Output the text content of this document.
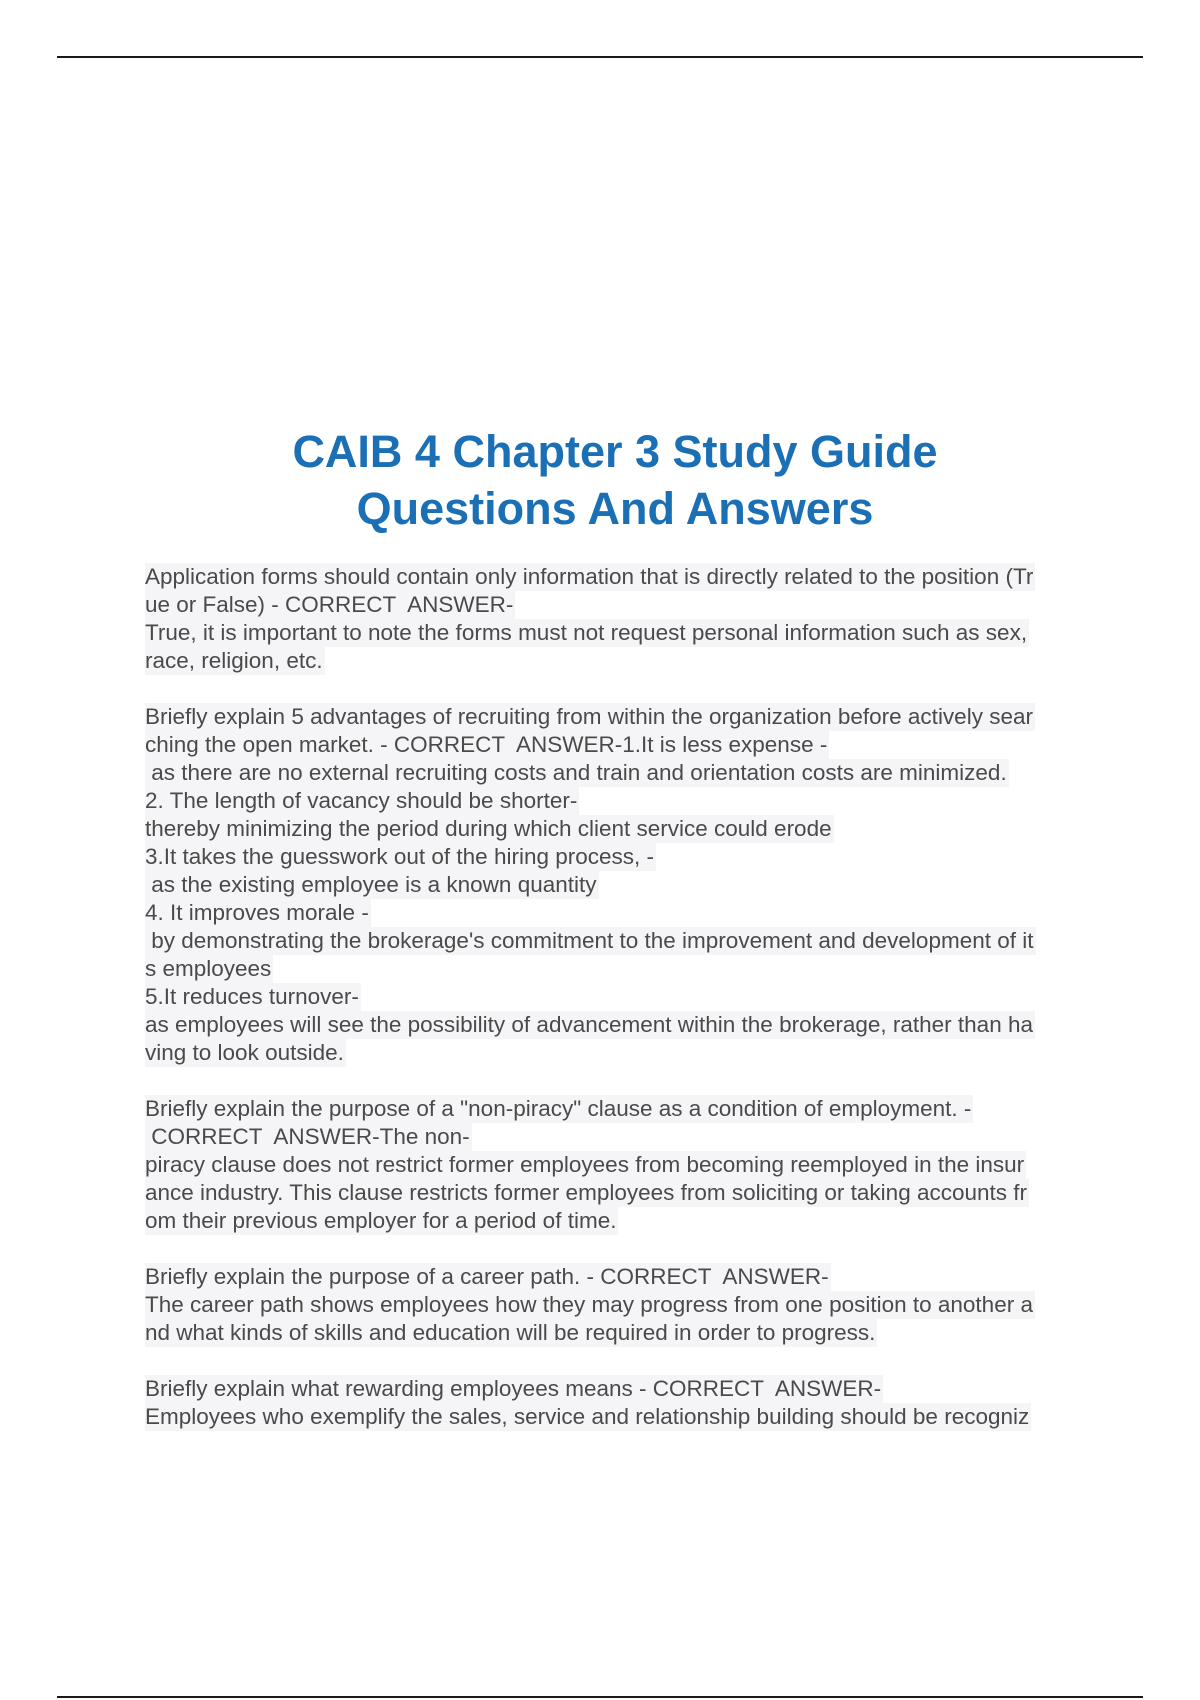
CAIB 4 Chapter 3 Study Guide
Questions And Answers
Application forms should contain only information that is directly related to the position (Tr
ue or False) - CORRECT  ANSWER-
True, it is important to note the forms must not request personal information such as sex,
race, religion, etc.
Briefly explain 5 advantages of recruiting from within the organization before actively sear
ching the open market. - CORRECT  ANSWER-1.It is less expense -
as there are no external recruiting costs and train and orientation costs are minimized.
2. The length of vacancy should be shorter-
thereby minimizing the period during which client service could erode
3.It takes the guesswork out of the hiring process, -
as the existing employee is a known quantity
4. It improves morale -
by demonstrating the brokerage's commitment to the improvement and development of it
s employees
5.It reduces turnover-
as employees will see the possibility of advancement within the brokerage, rather than ha
ving to look outside.
Briefly explain the purpose of a "non-piracy" clause as a condition of employment. -
CORRECT  ANSWER-The non-
piracy clause does not restrict former employees from becoming reemployed in the insur
ance industry. This clause restricts former employees from soliciting or taking accounts fr
om their previous employer for a period of time.
Briefly explain the purpose of a career path. - CORRECT  ANSWER-
The career path shows employees how they may progress from one position to another a
nd what kinds of skills and education will be required in order to progress.
Briefly explain what rewarding employees means - CORRECT  ANSWER-
Employees who exemplify the sales, service and relationship building should be recogniz
